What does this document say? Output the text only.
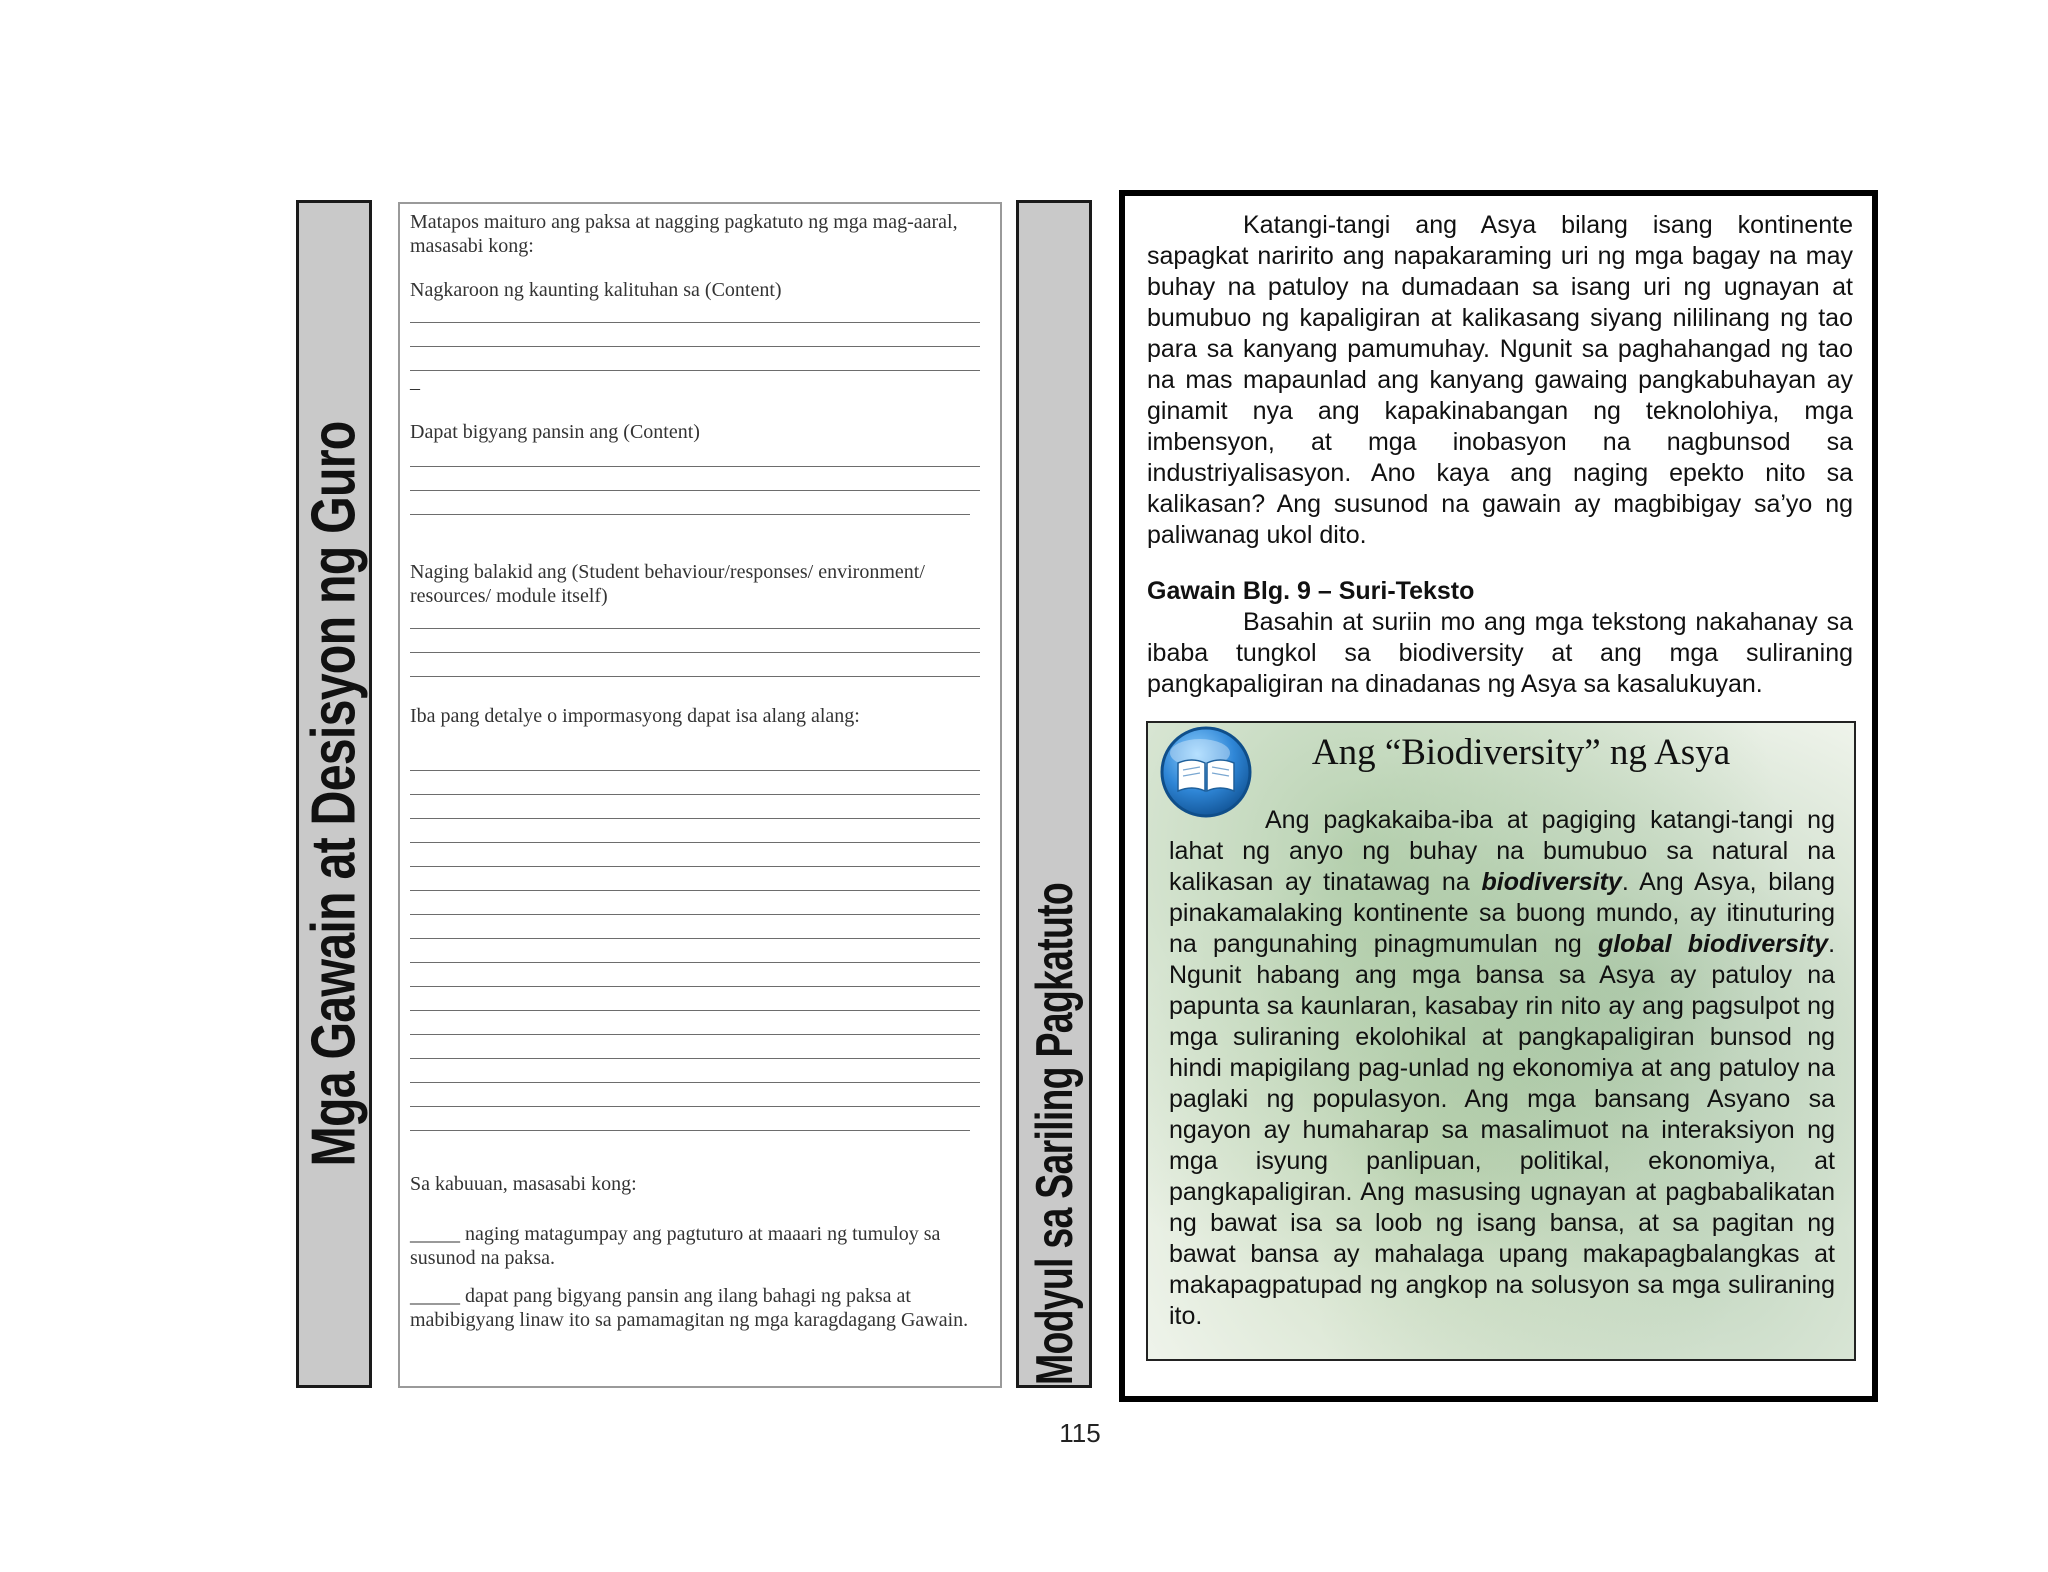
Mga Gawain at Desisyon ng Guro
Matapos maituro ang paksa at nagging pagkatuto ng mga mag-aaral, masasabi kong:
Nagkaroon ng kaunting kalituhan sa (Content)
–
Dapat bigyang pansin ang (Content)
Naging balakid ang (Student behaviour/responses/ environment/ resources/ module itself)
Iba pang detalye o impormasyong dapat isa alang alang:
Sa kabuuan, masasabi kong:
_____ naging matagumpay ang pagtuturo at maaari ng tumuloy sa susunod na paksa.
_____ dapat pang bigyang pansin ang ilang bahagi ng paksa at mabibigyang linaw ito sa pamamagitan ng mga karagdagang Gawain.	Modyul sa Sariling Pagkatuto
Katangi-tangi ang Asya bilang isang kontinente sapagkat naririto ang napakaraming uri ng mga bagay na may buhay na patuloy na dumadaan sa isang uri ng ugnayan at bumubuo ng kapaligiran at kalikasang siyang nililinang ng tao para sa kanyang pamumuhay. Ngunit sa paghahangad ng tao na mas mapaunlad ang kanyang gawaing pangkabuhayan ay ginamit nya ang kapakinabangan ng teknolohiya, mga imbensyon, at mga inobasyon na nagbunsod sa industriyalisasyon. Ano kaya ang naging epekto nito sa kalikasan? Ang susunod na gawain ay magbibigay sa’yo ng paliwanag ukol dito.
Gawain Blg. 9 – Suri-Teksto
Basahin at suriin mo ang mga tekstong nakahanay sa ibaba tungkol sa biodiversity at ang mga suliraning pangkapaligiran na dinadanas ng Asya sa kasalukuyan.
Ang “Biodiversity” ng Asya
Ang pagkakaiba-iba at pagiging katangi-tangi ng lahat ng anyo ng buhay na bumubuo sa natural na kalikasan ay tinatawag na biodiversity. Ang Asya, bilang pinakamalaking kontinente sa buong mundo, ay itinuturing na pangunahing pinagmumulan ng global biodiversity. Ngunit habang ang mga bansa sa Asya ay patuloy na papunta sa kaunlaran, kasabay rin nito ay ang pagsulpot ng mga suliraning ekolohikal at pangkapaligiran bunsod ng hindi mapigilang pag-unlad ng ekonomiya at ang patuloy na paglaki ng populasyon. Ang mga bansang Asyano sa ngayon ay humaharap sa masalimuot na interaksiyon ng mga isyung panlipuan, politikal, ekonomiya, at pangkapaligiran. Ang masusing ugnayan at pagbabalikatan ng bawat isa sa loob ng isang bansa, at sa pagitan ng bawat bansa ay mahalaga upang makapagbalangkas at makapagpatupad ng angkop na solusyon sa mga suliraning ito.
115
